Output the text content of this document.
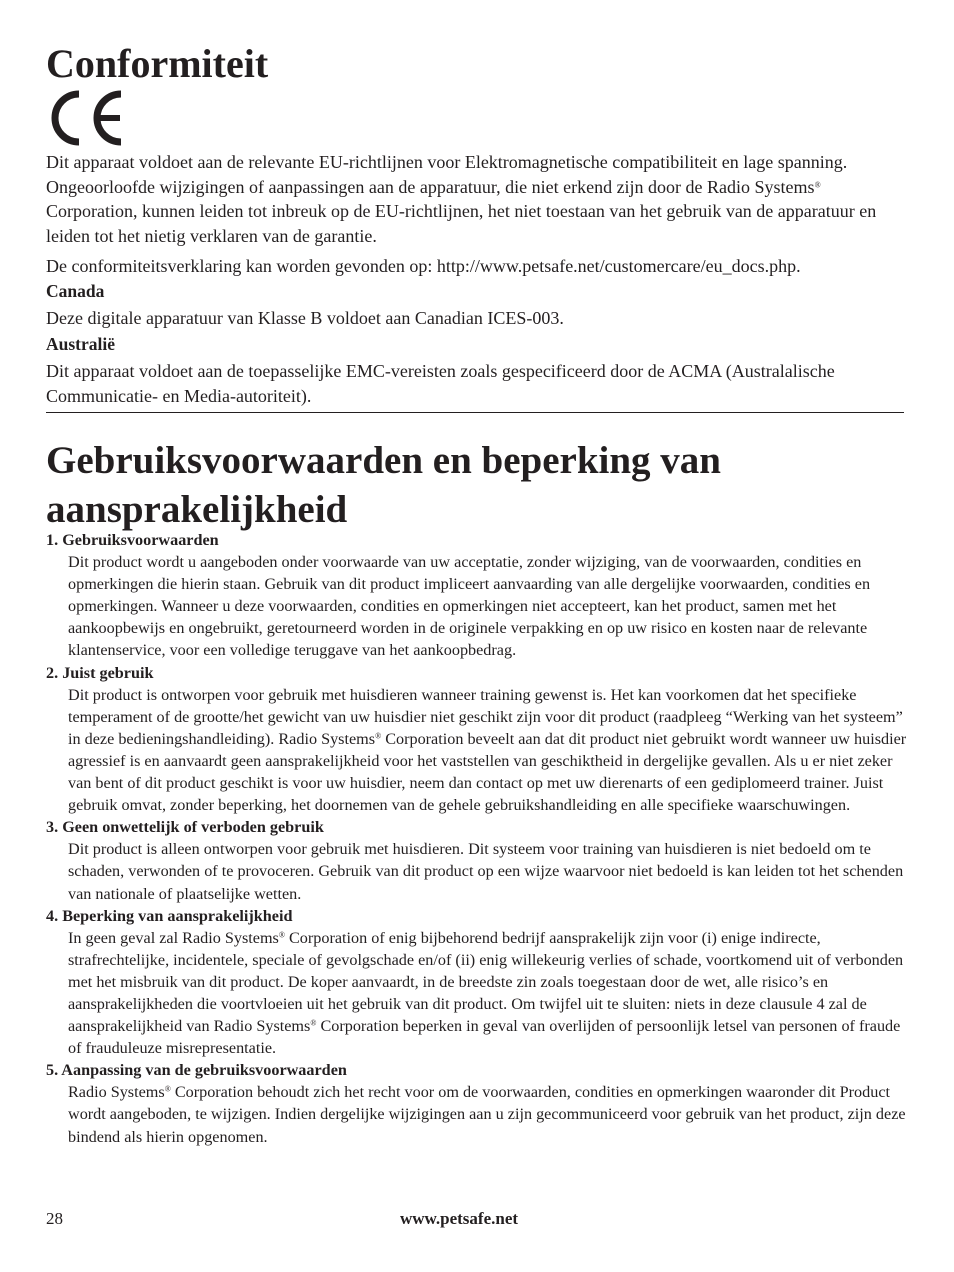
Conformiteit

Dit apparaat voldoet aan de relevante EU-richtlijnen voor Elektromagnetische compatibiliteit en lage spanning. Ongeoorloofde wijzigingen of aanpassingen aan de apparatuur, die niet erkend zijn door de Radio Systems® Corporation, kunnen leiden tot inbreuk op de EU-richtlijnen, het niet toestaan van het gebruik van de apparatuur en leiden tot het nietig verklaren van de garantie.

De conformiteitsverklaring kan worden gevonden op: http://www.petsafe.net/customercare/eu_docs.php.

Canada
Deze digitale apparatuur van Klasse B voldoet aan Canadian ICES-003.
Australië
Dit apparaat voldoet aan de toepasselijke EMC-vereisten zoals gespecificeerd door de ACMA (Australalische Communicatie- en Media-autoriteit).
Gebruiksvoorwaarden en beperking van aansprakelijkheid
1. Gebruiksvoorwaarden

Dit product wordt u aangeboden onder voorwaarde van uw acceptatie, zonder wijziging, van de voorwaarden, condities en opmerkingen die hierin staan. Gebruik van dit product impliceert aanvaarding van alle dergelijke voorwaarden, condities en opmerkingen. Wanneer u deze voorwaarden, condities en opmerkingen niet accepteert, kan het product, samen met het aankoopbewijs en ongebruikt, geretourneerd worden in de originele verpakking en op uw risico en kosten naar de relevante klantenservice, voor een volledige teruggave van het aankoopbedrag.

2. Juist gebruik

Dit product is ontworpen voor gebruik met huisdieren wanneer training gewenst is. Het kan voorkomen dat het specifieke temperament of de grootte/het gewicht van uw huisdier niet geschikt zijn voor dit product (raadpleeg “Werking van het systeem” in deze bedieningshandleiding). Radio Systems® Corporation beveelt aan dat dit product niet gebruikt wordt wanneer uw huisdier agressief is en aanvaardt geen aansprakelijkheid voor het vaststellen van geschiktheid in dergelijke gevallen. Als u er niet zeker van bent of dit product geschikt is voor uw huisdier, neem dan contact op met uw dierenarts of een gediplomeerd trainer. Juist gebruik omvat, zonder beperking, het doornemen van de gehele gebruikshandleiding en alle specifieke waarschuwingen.

3. Geen onwettelijk of verboden gebruik

Dit product is alleen ontworpen voor gebruik met huisdieren. Dit systeem voor training van huisdieren is niet bedoeld om te schaden, verwonden of te provoceren. Gebruik van dit product op een wijze waarvoor niet bedoeld is kan leiden tot het schenden van nationale of plaatselijke wetten.

4. Beperking van aansprakelijkheid

In geen geval zal Radio Systems® Corporation of enig bijbehorend bedrijf aansprakelijk zijn voor (i) enige indirecte, strafrechtelijke, incidentele, speciale of gevolgschade en/of (ii) enig willekeurig verlies of schade, voortkomend uit of verbonden met het misbruik van dit product. De koper aanvaardt, in de breedste zin zoals toegestaan door de wet, alle risico’s en aansprakelijkheden die voortvloeien uit het gebruik van dit product. Om twijfel uit te sluiten: niets in deze clausule 4 zal de aansprakelijkheid van Radio Systems® Corporation beperken in geval van overlijden of persoonlijk letsel van personen of fraude of frauduleuze misrepresentatie.

5. Aanpassing van de gebruiksvoorwaarden

Radio Systems® Corporation behoudt zich het recht voor om de voorwaarden, condities en opmerkingen waaronder dit Product wordt aangeboden, te wijzigen. Indien dergelijke wijzigingen aan u zijn gecommuniceerd voor gebruik van het product, zijn deze bindend als hierin opgenomen.

28	www.petsafe.net
